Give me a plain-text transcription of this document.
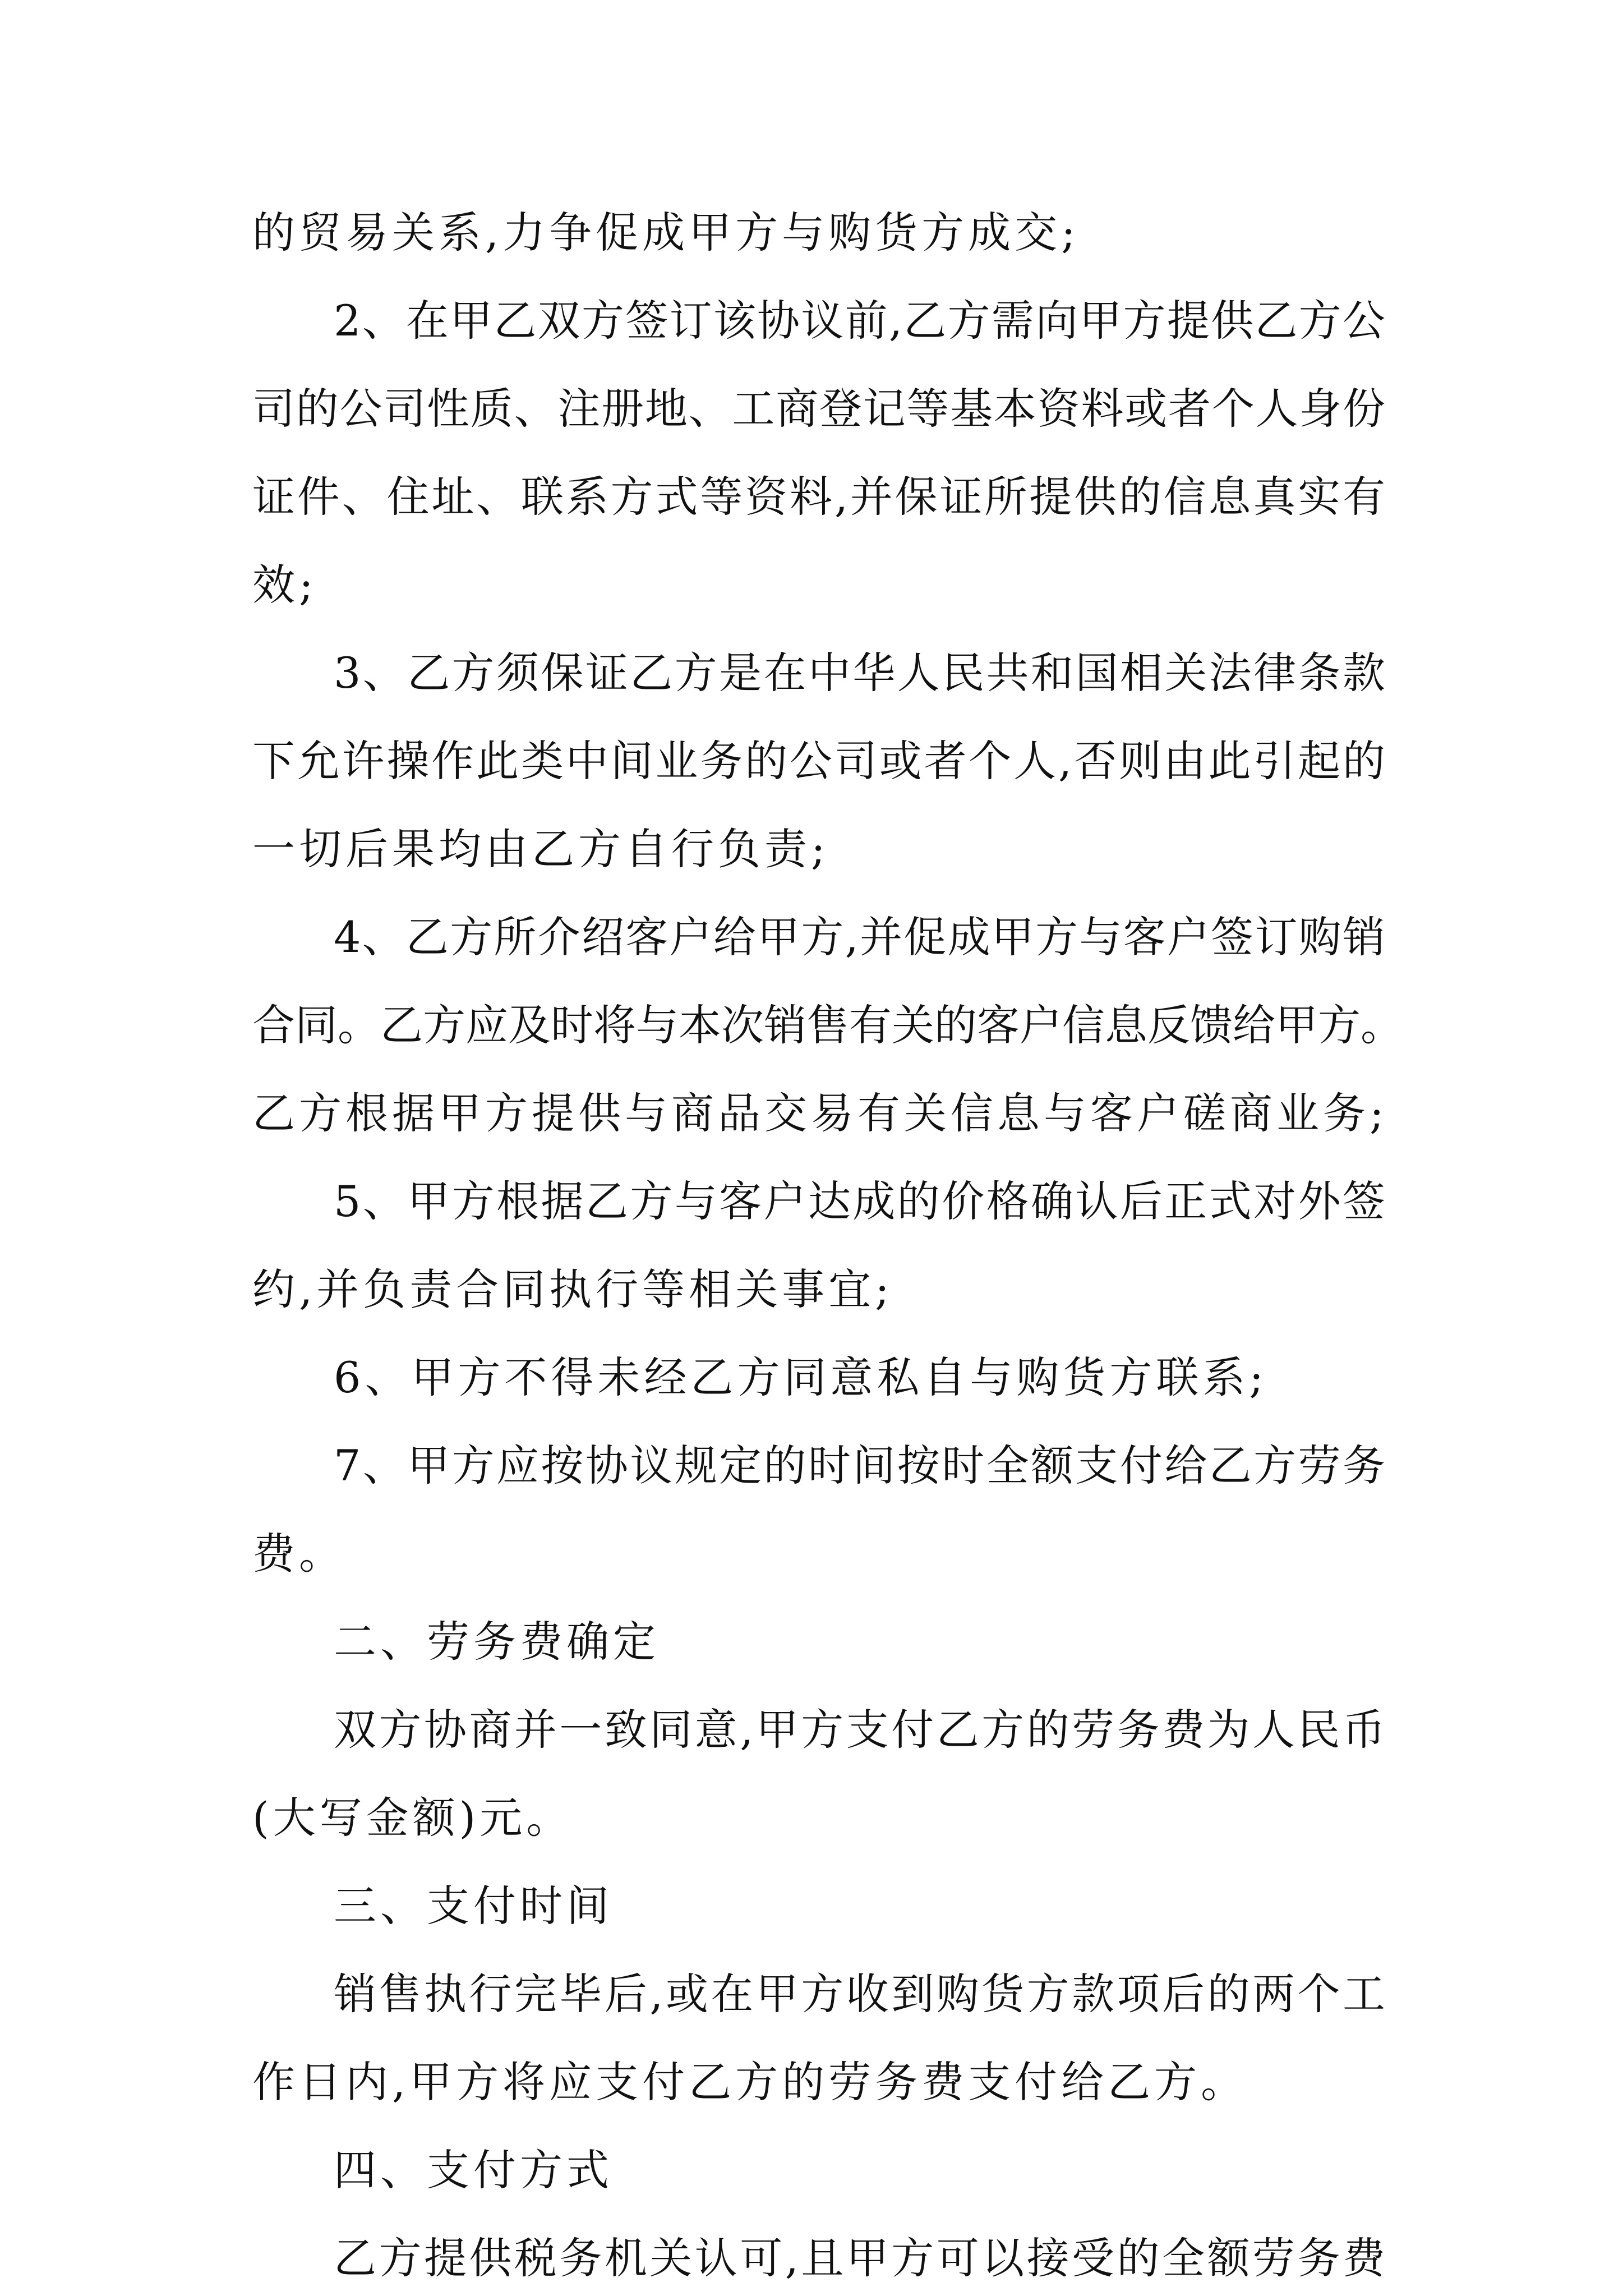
的贸易关系,力争促成甲方与购货方成交;
2、在甲乙双方签订该协议前,乙方需向甲方提供乙方公
司的公司性质、注册地、工商登记等基本资料或者个人身份
证件、住址、联系方式等资料,并保证所提供的信息真实有
效;
3、乙方须保证乙方是在中华人民共和国相关法律条款
下允许操作此类中间业务的公司或者个人,否则由此引起的
一切后果均由乙方自行负责;
4、乙方所介绍客户给甲方,并促成甲方与客户签订购销
合同。乙方应及时将与本次销售有关的客户信息反馈给甲方。
乙方根据甲方提供与商品交易有关信息与客户磋商业务;
5、甲方根据乙方与客户达成的价格确认后正式对外签
约,并负责合同执行等相关事宜;
6、甲方不得未经乙方同意私自与购货方联系;
7、甲方应按协议规定的时间按时全额支付给乙方劳务
费。
二、劳务费确定
双方协商并一致同意,甲方支付乙方的劳务费为人民币
(大写金额)元。
三、支付时间
销售执行完毕后,或在甲方收到购货方款项后的两个工
作日内,甲方将应支付乙方的劳务费支付给乙方。
四、支付方式
乙方提供税务机关认可,且甲方可以接受的全额劳务费
